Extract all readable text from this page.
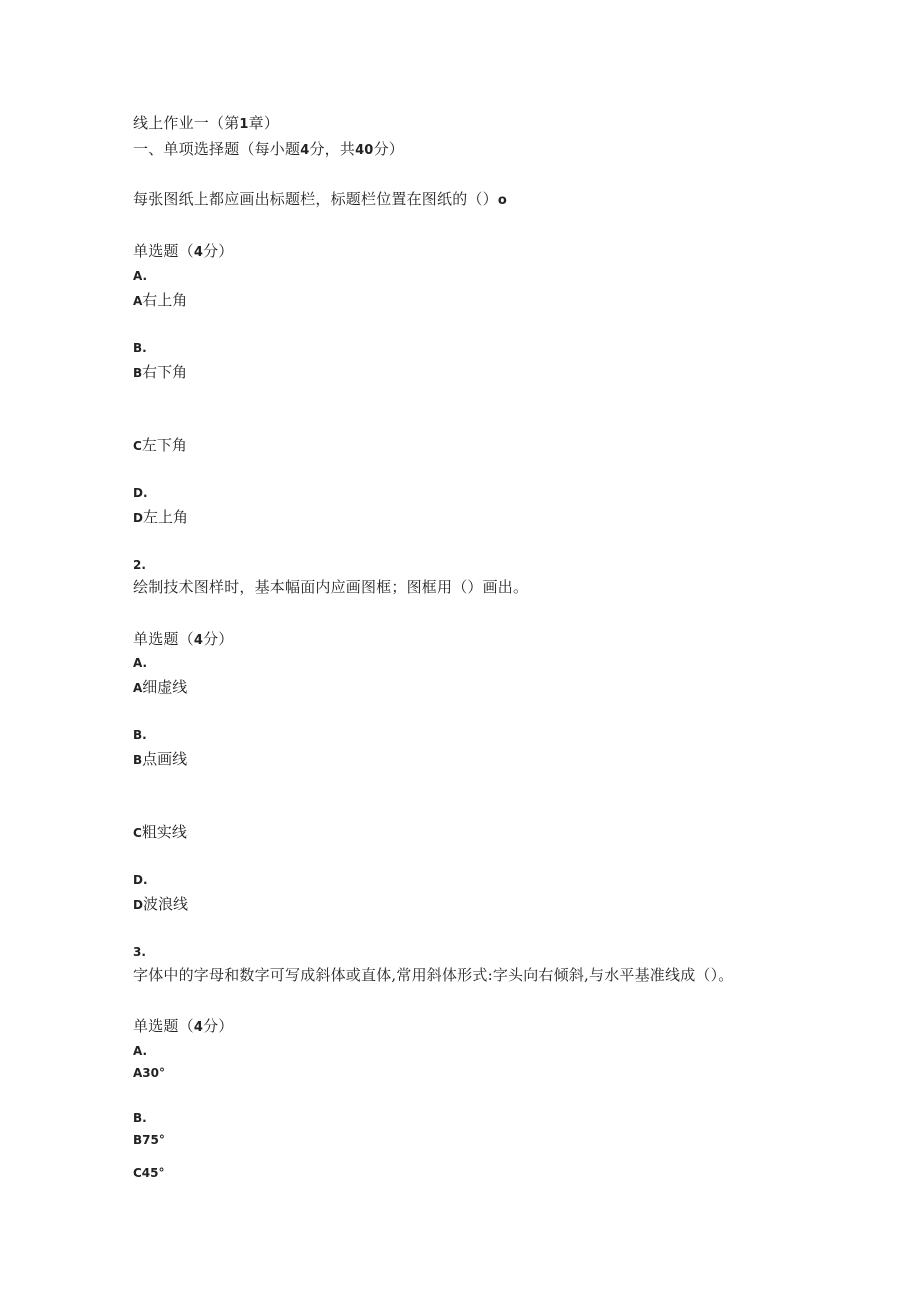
线上作业一（第1章）
一、单项选择题（每小题4分，共40分）
每张图纸上都应画出标题栏，标题栏位置在图纸的（）o
单选题（4分）
A.
A右上角
B.
B右下角
C左下角
D.
D左上角
2.
绘制技术图样时，基本幅面内应画图框；图框用（）画出。
单选题（4分）
A.
A细虚线
B.
B点画线
C粗实线
D.
D波浪线
3.
字体中的字母和数字可写成斜体或直体,常用斜体形式:字头向右倾斜,与水平基准线成（）。
单选题（4分）
A.
A30°
B.
B75°
C45°
